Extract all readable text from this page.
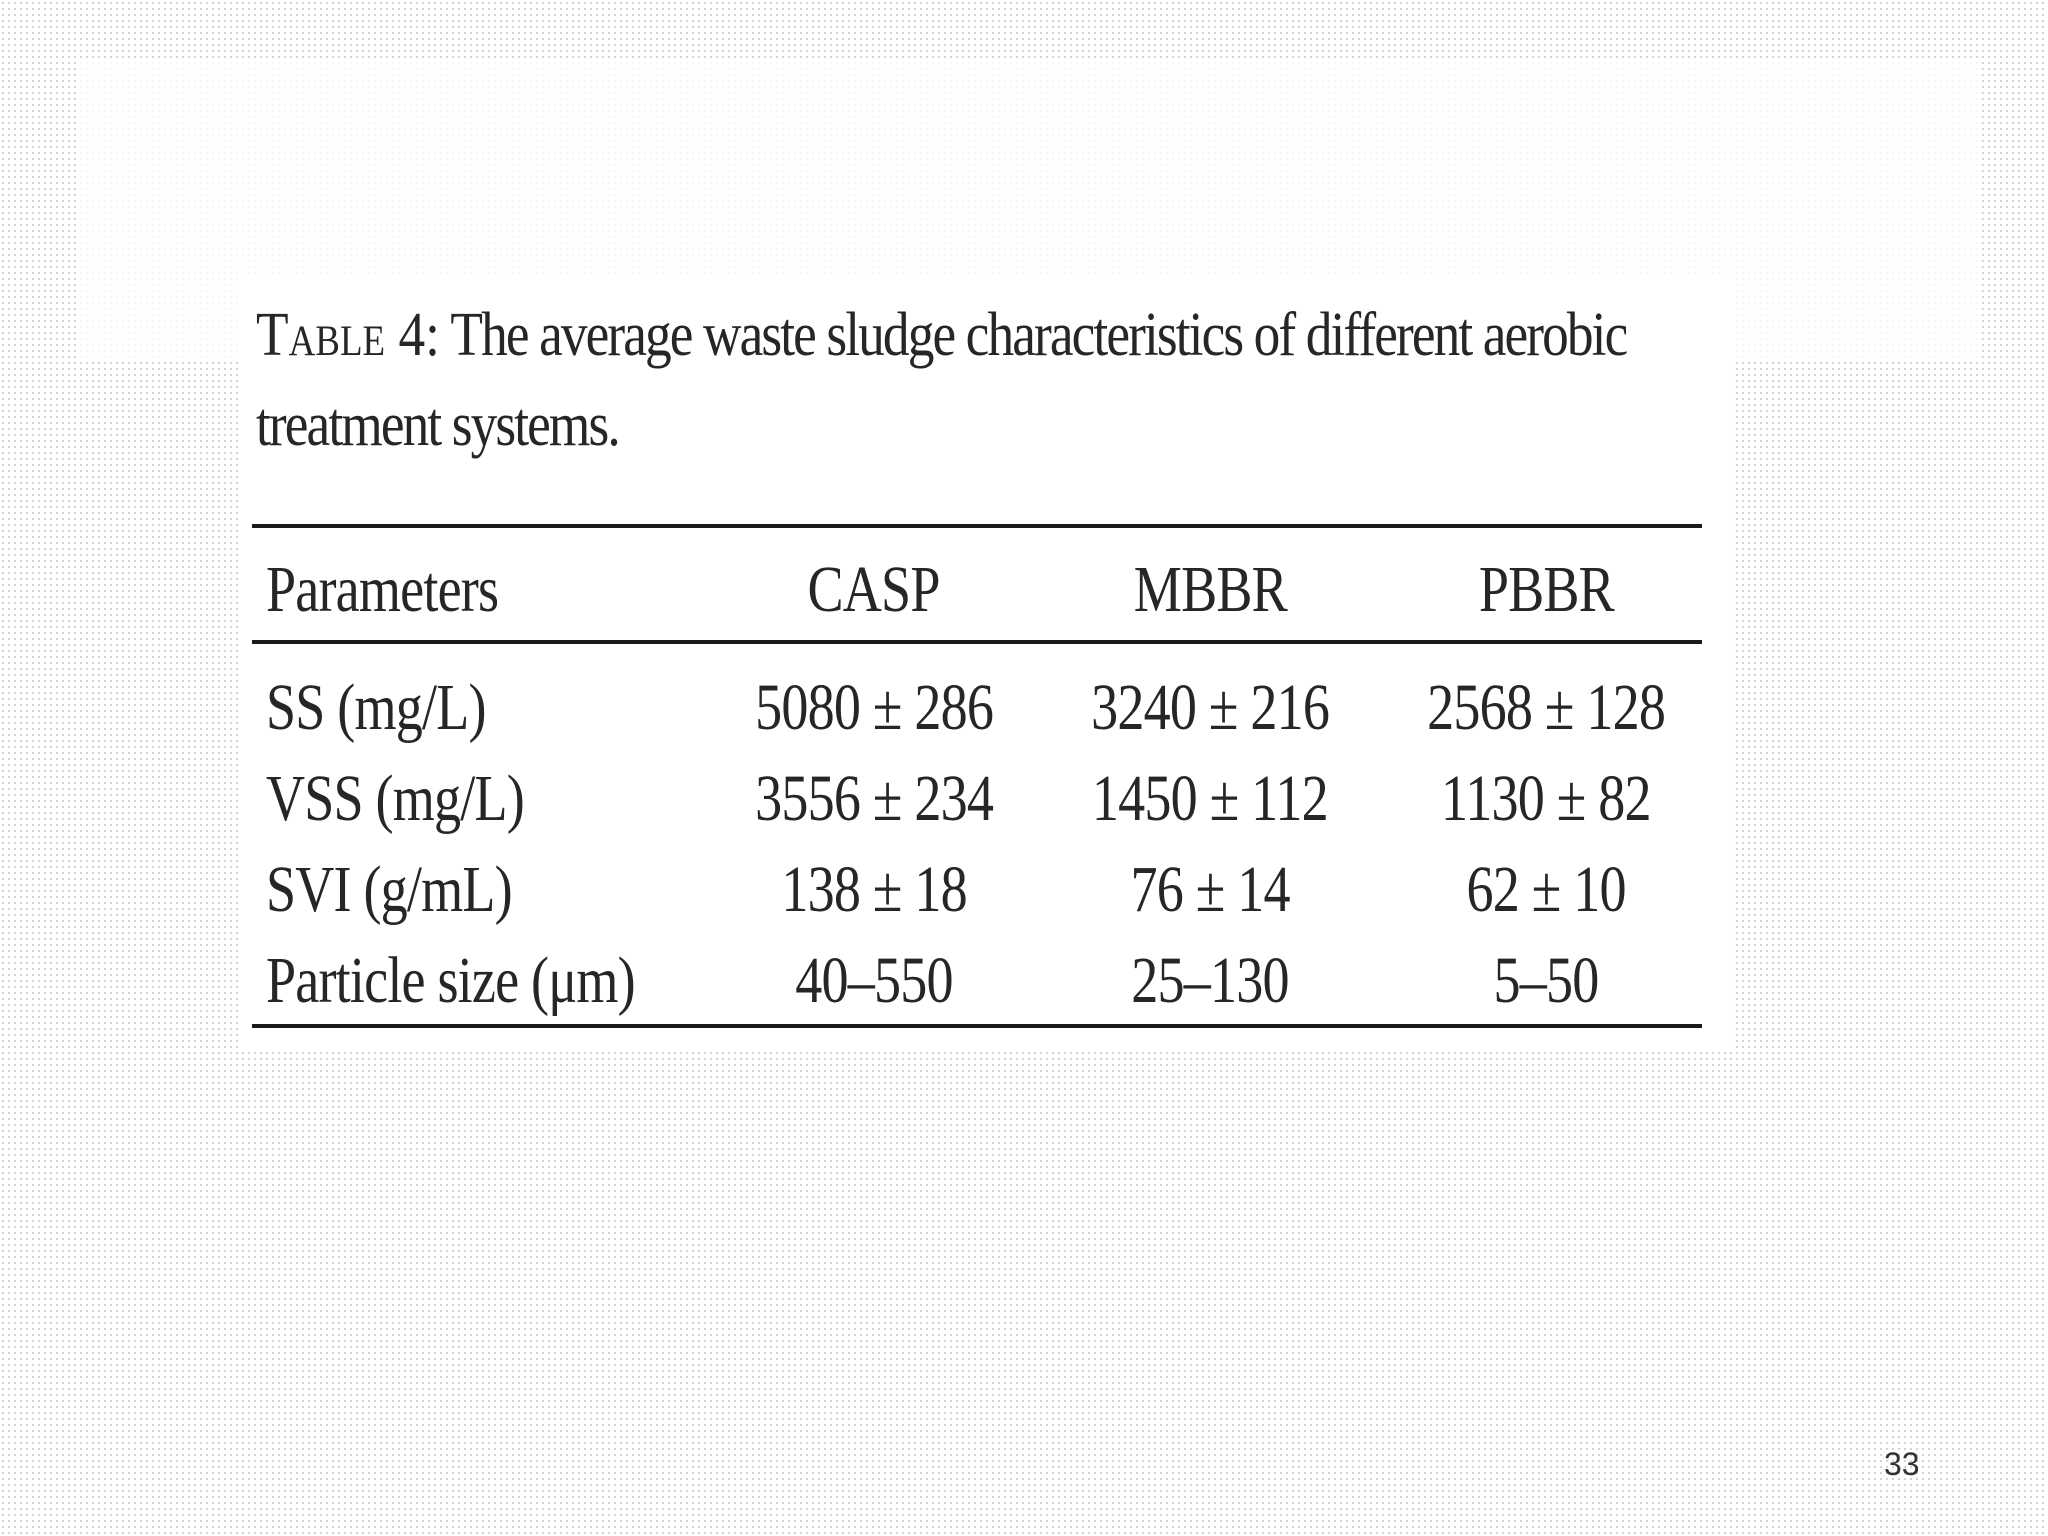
Table 4: The average waste sludge characteristics of different aerobic
treatment systems.
Parameters	CASP	MBBR	PBBR
SS (mg/L)	5080 ± 286	3240 ± 216	2568 ± 128
VSS (mg/L)	3556 ± 234	1450 ± 112	1130 ± 82
SVI (g/mL)	138 ± 18	76 ± 14	62 ± 10
Particle size (μm)	40–550	25–130	5–50
33
